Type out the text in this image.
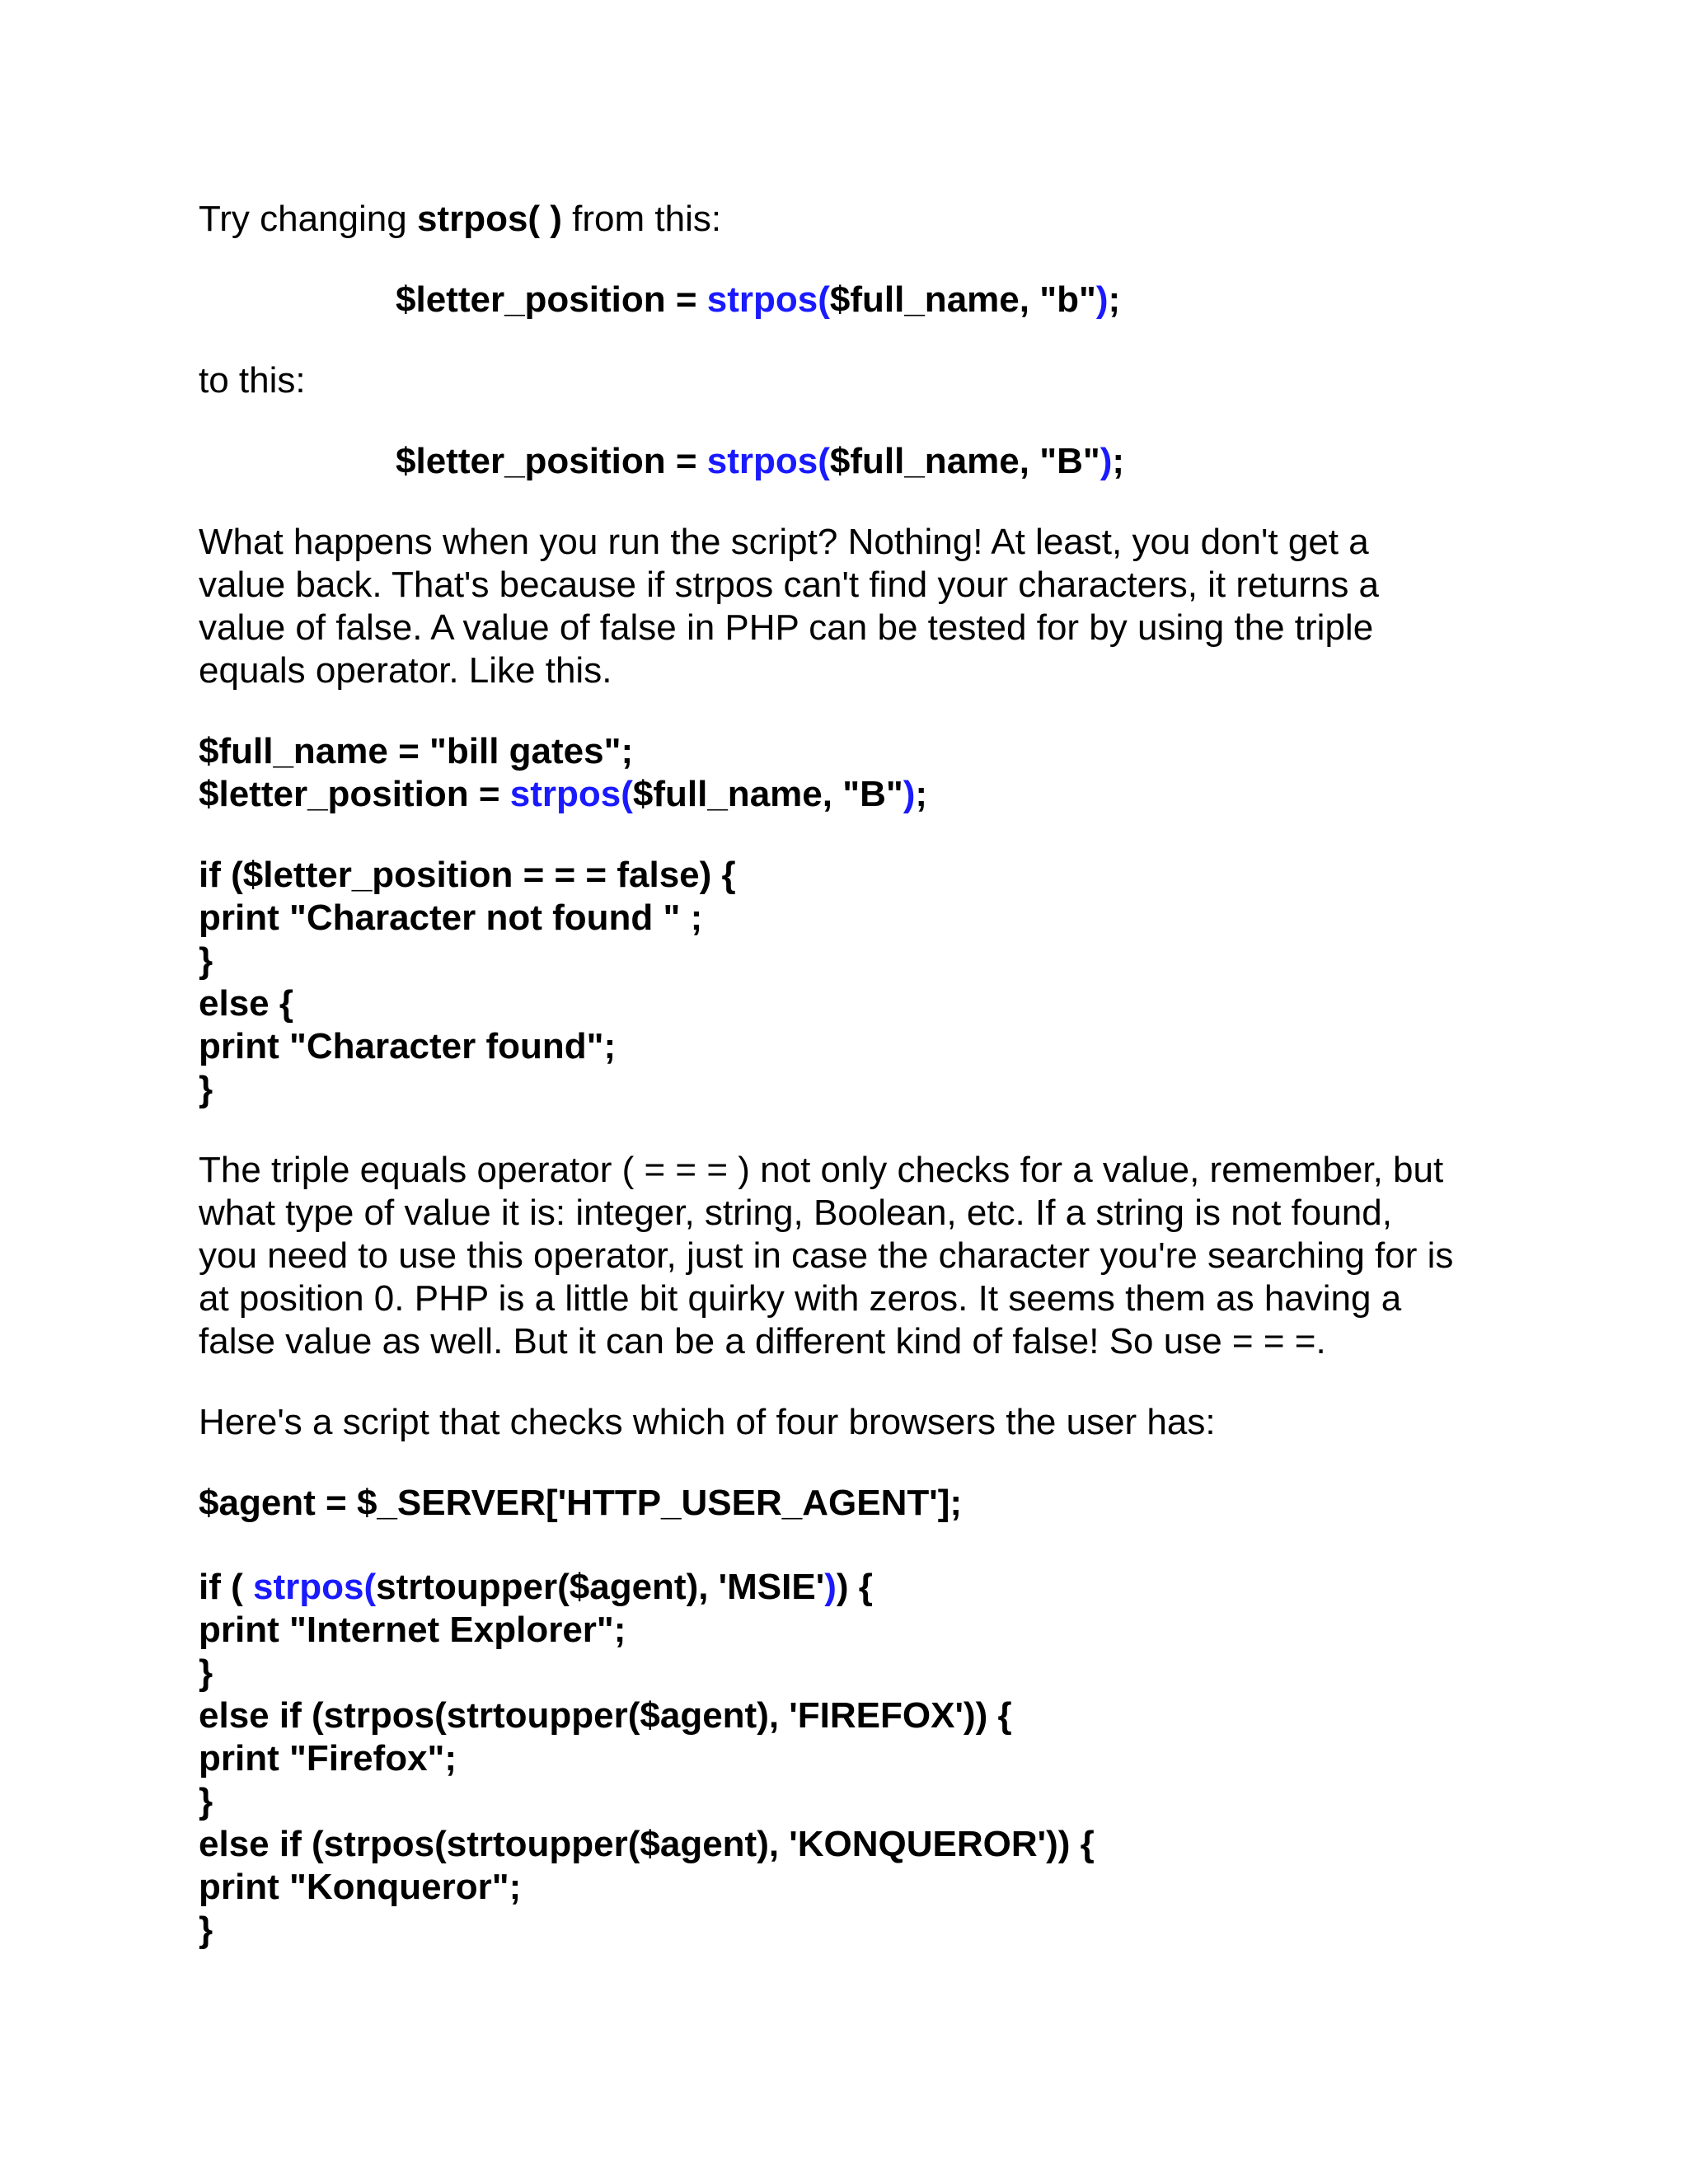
Try changing strpos( ) from this:
$letter_position = strpos($full_name, "b");
to this:
$letter_position = strpos($full_name, "B");
What happens when you run the script? Nothing! At least, you don't get a
value back. That's because if strpos can't find your characters, it returns a
value of false. A value of false in PHP can be tested for by using the triple
equals operator. Like this.
$full_name = "bill gates";
$letter_position = strpos($full_name, "B");
if ($letter_position = = = false) {
print "Character not found " ;
}
else {
print "Character found";
}
The triple equals operator ( = = = ) not only checks for a value, remember, but
what type of value it is: integer, string, Boolean, etc. If a string is not found,
you need to use this operator, just in case the character you're searching for is
at position 0. PHP is a little bit quirky with zeros. It seems them as having a
false value as well. But it can be a different kind of false! So use = = =.
Here's a script that checks which of four browsers the user has:
$agent = $_SERVER['HTTP_USER_AGENT'];
if ( strpos(strtoupper($agent), 'MSIE')) {
print "Internet Explorer";
}
else if (strpos(strtoupper($agent), 'FIREFOX')) {
print "Firefox";
}
else if (strpos(strtoupper($agent), 'KONQUEROR')) {
print "Konqueror";
}
